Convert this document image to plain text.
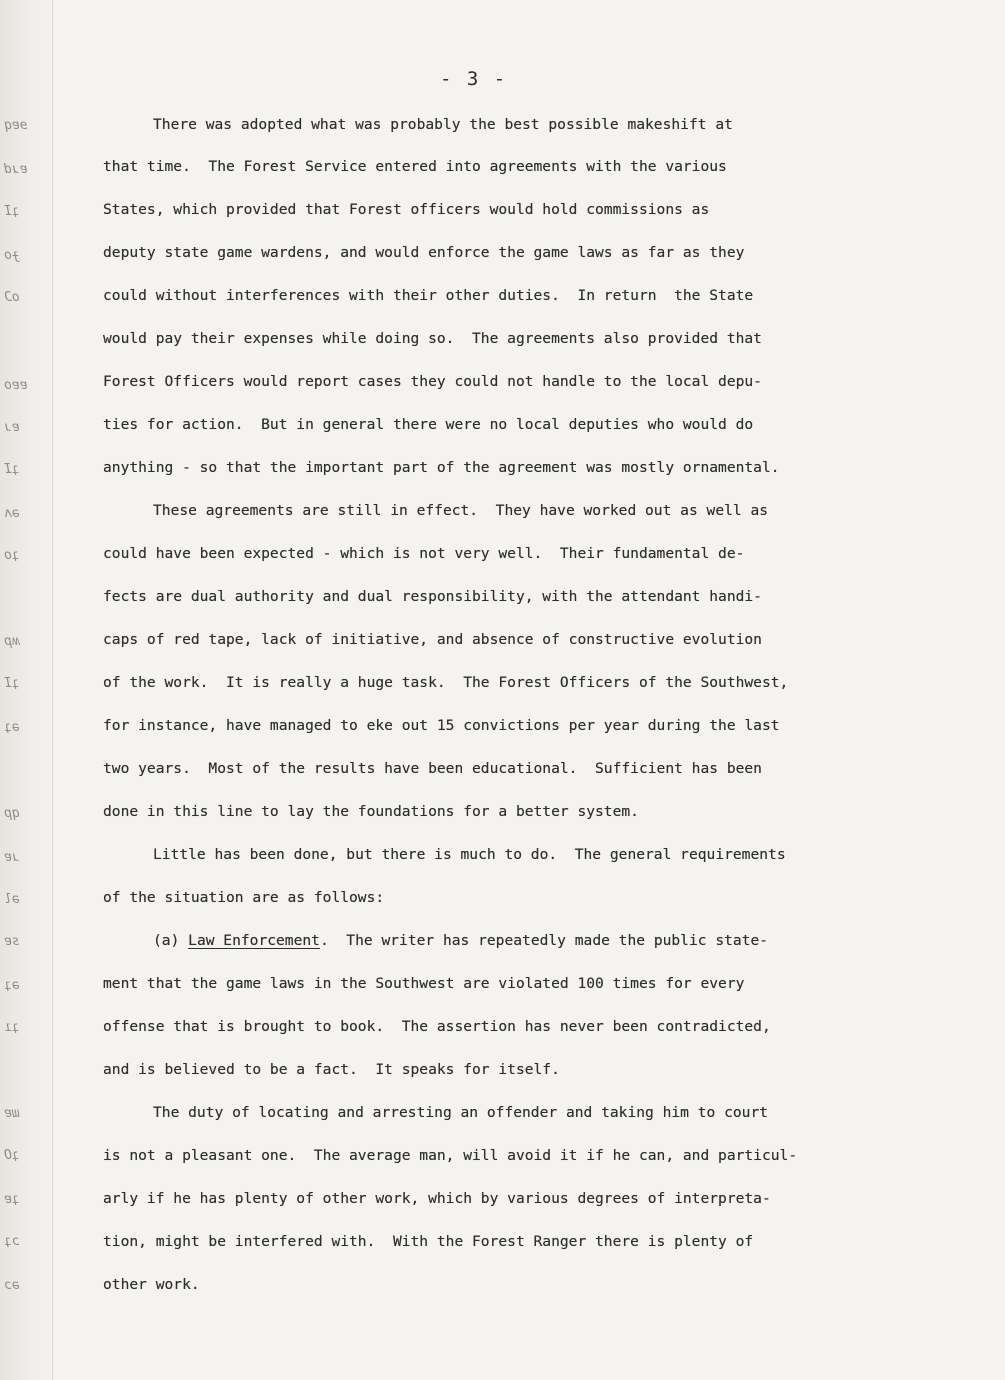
ɘɐq
ɐɹd
ʇI
ɟo
oƆ
ɐɐo
ɐɹ
ʇI
əʌ
ʇo
ʍp
ʇI
ǝʇ
qp
ɹɐ
ǝl
sɐ
ǝʇ
ʇı
ɯɐ
ʇO
ʇɐ
ɔʇ
ǝɔ
- 3 -
There was adopted what was probably the best possible makeshift at
that time.  The Forest Service entered into agreements with the various
States, which provided that Forest officers would hold commissions as
deputy state game wardens, and would enforce the game laws as far as they
could without interferences with their other duties.  In return  the State
would pay their expenses while doing so.  The agreements also provided that
Forest Officers would report cases they could not handle to the local depu-
ties for action.  But in general there were no local deputies who would do
anything - so that the important part of the agreement was mostly ornamental.
These agreements are still in effect.  They have worked out as well as
could have been expected - which is not very well.  Their fundamental de-
fects are dual authority and dual responsibility, with the attendant handi-
caps of red tape, lack of initiative, and absence of constructive evolution
of the work.  It is really a huge task.  The Forest Officers of the Southwest,
for instance, have managed to eke out 15 convictions per year during the last
two years.  Most of the results have been educational.  Sufficient has been
done in this line to lay the foundations for a better system.
Little has been done, but there is much to do.  The general requirements
of the situation are as follows:
(a) Law Enforcement.  The writer has repeatedly made the public state-
ment that the game laws in the Southwest are violated 100 times for every
offense that is brought to book.  The assertion has never been contradicted,
and is believed to be a fact.  It speaks for itself.
The duty of locating and arresting an offender and taking him to court
is not a pleasant one.  The average man, will avoid it if he can, and particul-
arly if he has plenty of other work, which by various degrees of interpreta-
tion, might be interfered with.  With the Forest Ranger there is plenty of
other work.
